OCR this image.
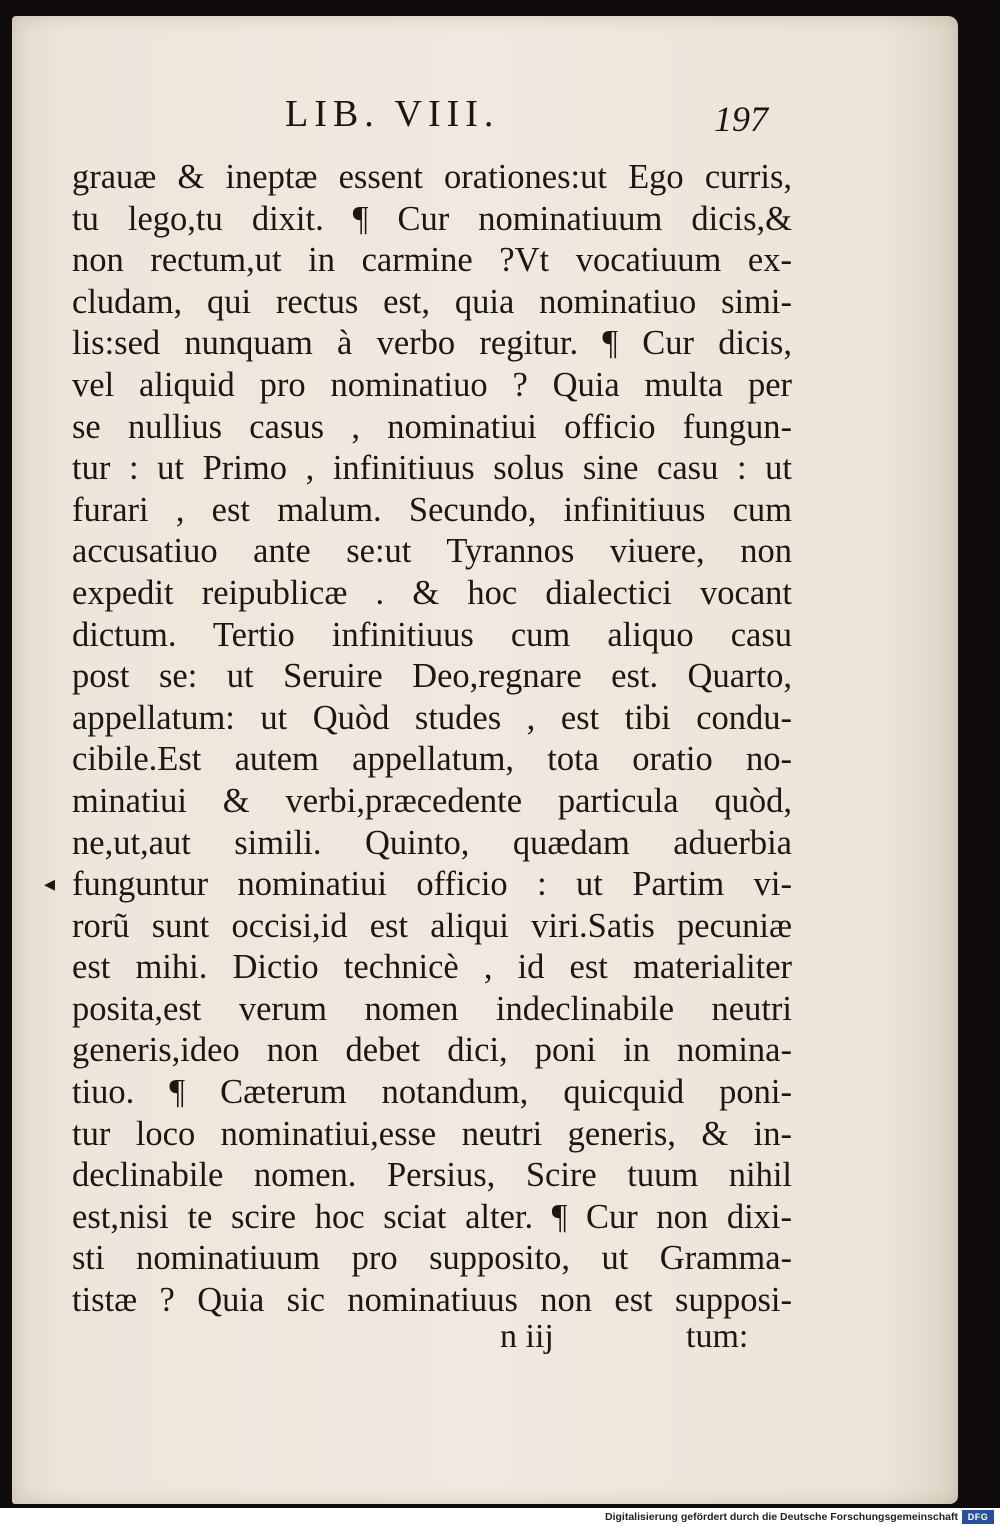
LIB. VIII.	197
◂
grauæ & ineptæ essent orationes:ut Ego curris,
tu lego,tu dixit. ¶ Cur nominatiuum dicis,&
non rectum,ut in carmine ?Vt vocatiuum ex-
cludam, qui rectus est, quia nominatiuo simi-
lis:sed nunquam à verbo regitur. ¶ Cur dicis,
vel aliquid pro nominatiuo ? Quia multa per
se nullius casus , nominatiui officio fungun-
tur : ut Primo , infinitiuus solus sine casu : ut
furari , est malum. Secundo, infinitiuus cum
accusatiuo ante se:ut Tyrannos viuere, non
expedit reipublicæ . & hoc dialectici vocant
dictum. Tertio infinitiuus cum aliquo casu
post se: ut Seruire Deo,regnare est. Quarto,
appellatum: ut Quòd studes , est tibi condu-
cibile.Est autem appellatum, tota oratio no-
minatiui & verbi,præcedente particula quòd,
ne,ut,aut simili. Quinto, quædam aduerbia
funguntur nominatiui officio : ut Partim vi-
rorũ sunt occisi,id est aliqui viri.Satis pecuniæ
est mihi. Dictio technicè , id est materialiter
posita,est verum nomen indeclinabile neutri
generis,ideo non debet dici, poni in nomina-
tiuo. ¶ Cæterum notandum, quicquid poni-
tur loco nominatiui,esse neutri generis, & in-
declinabile nomen. Persius, Scire tuum nihil
est,nisi te scire hoc sciat alter. ¶ Cur non dixi-
sti nominatiuum pro supposito, ut Gramma-
tistæ ? Quia sic nominatiuus non est supposi-
n iij	tum:
Digitalisierung gefördert durch die Deutsche Forschungsgemeinschaft	DFG
